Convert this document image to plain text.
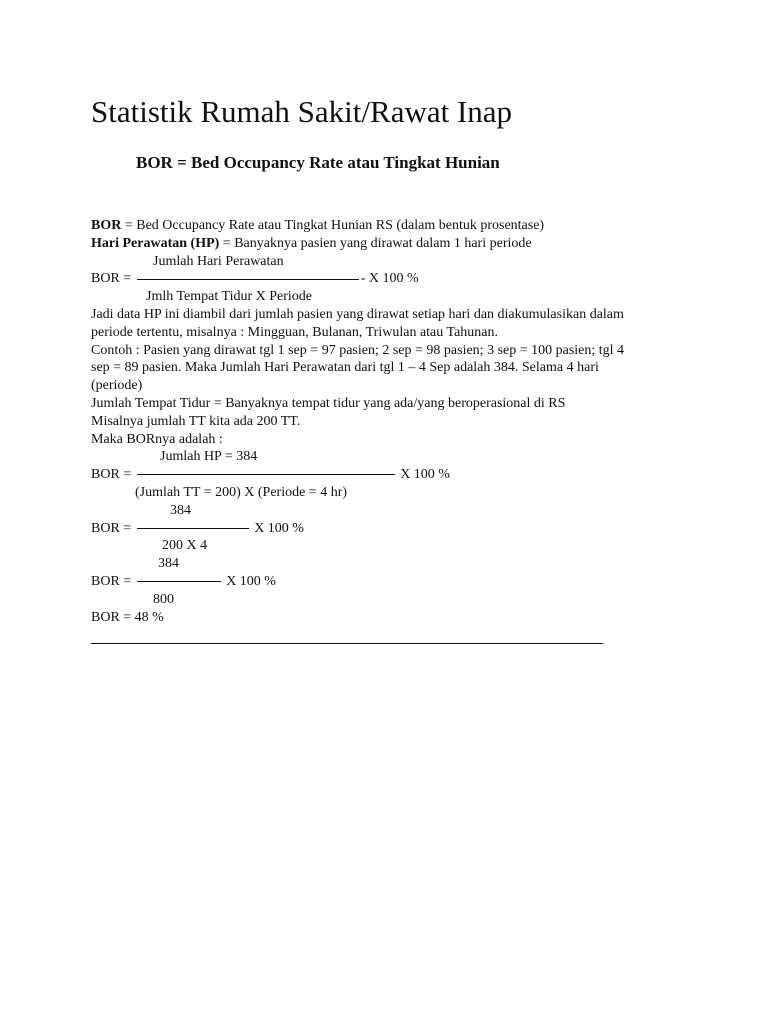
Statistik Rumah Sakit/Rawat Inap
BOR = Bed Occupancy Rate atau Tingkat Hunian
BOR = Bed Occupancy Rate atau Tingkat Hunian RS (dalam bentuk prosentase)
Hari Perawatan (HP) = Banyaknya pasien yang dirawat dalam 1 hari periode
Jumlah Hari Perawatan
BOR =	- X 100 %
Jmlh Tempat Tidur X Periode
Jadi data HP ini diambil dari jumlah pasien yang dirawat setiap hari dan diakumulasikan dalam
periode tertentu, misalnya : Mingguan, Bulanan, Triwulan atau Tahunan.
Contoh : Pasien yang dirawat tgl 1 sep = 97 pasien; 2 sep = 98 pasien; 3 sep = 100 pasien; tgl 4
sep = 89 pasien. Maka Jumlah Hari Perawatan dari tgl 1 – 4 Sep adalah 384. Selama 4 hari
(periode)
Jumlah Tempat Tidur = Banyaknya tempat tidur yang ada/yang beroperasional di RS
Misalnya jumlah TT kita ada 200 TT.
Maka BORnya adalah :
Jumlah HP = 384
BOR =	X 100 %
(Jumlah TT = 200) X (Periode = 4 hr)
384
BOR =	X 100 %
200 X 4
384
BOR =	X 100 %
800
BOR = 48 %
